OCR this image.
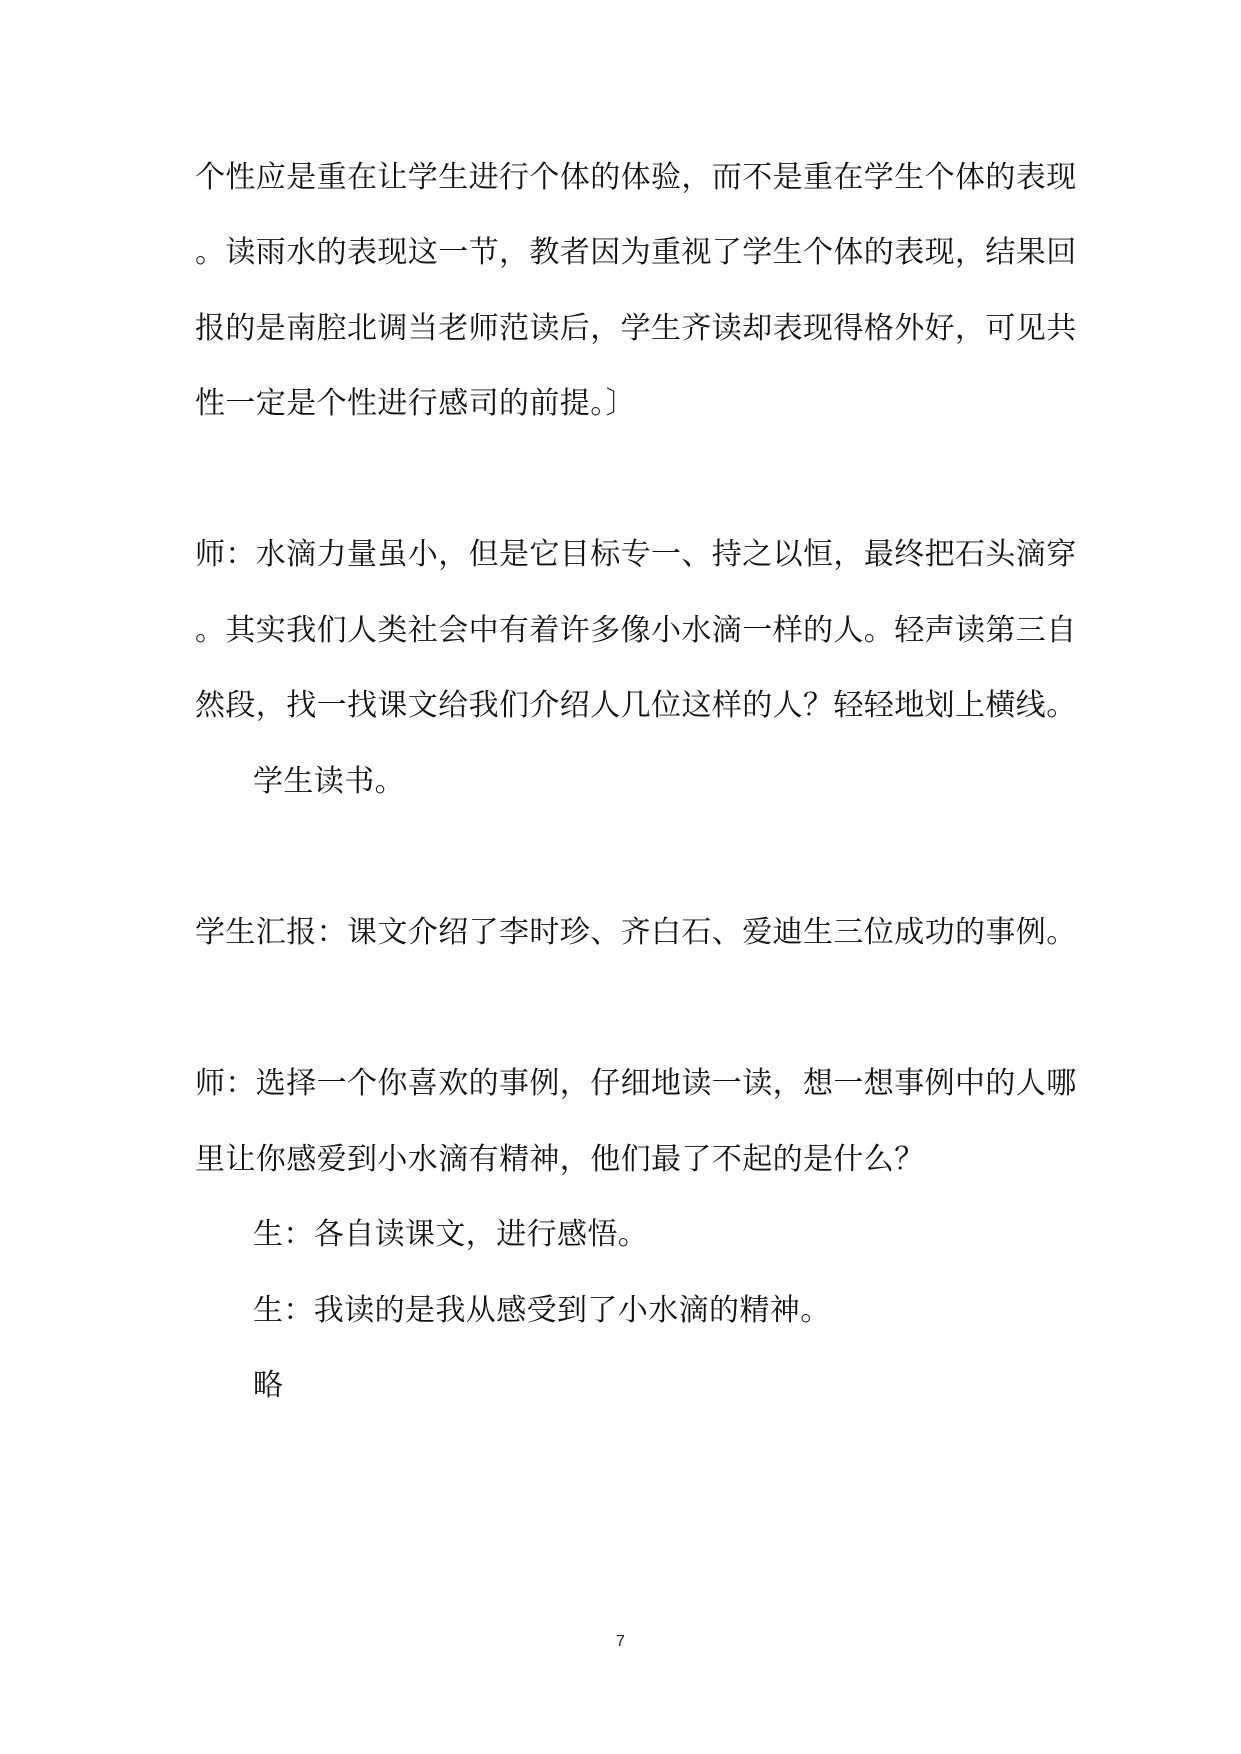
个性应是重在让学生进行个体的体验，而不是重在学生个体的表现
。读雨水的表现这一节，教者因为重视了学生个体的表现，结果回
报的是南腔北调当老师范读后，学生齐读却表现得格外好，可见共
性一定是个性进行感司的前提。〕
师：水滴力量虽小，但是它目标专一、持之以恒，最终把石头滴穿
。其实我们人类社会中有着许多像小水滴一样的人。轻声读第三自
然段，找一找课文给我们介绍人几位这样的人？轻轻地划上横线。
学生读书。
学生汇报：课文介绍了李时珍、齐白石、爱迪生三位成功的事例。
师：选择一个你喜欢的事例，仔细地读一读，想一想事例中的人哪
里让你感爱到小水滴有精神，他们最了不起的是什么？
生：各自读课文，进行感悟。
生：我读的是我从感受到了小水滴的精神。
略
7
